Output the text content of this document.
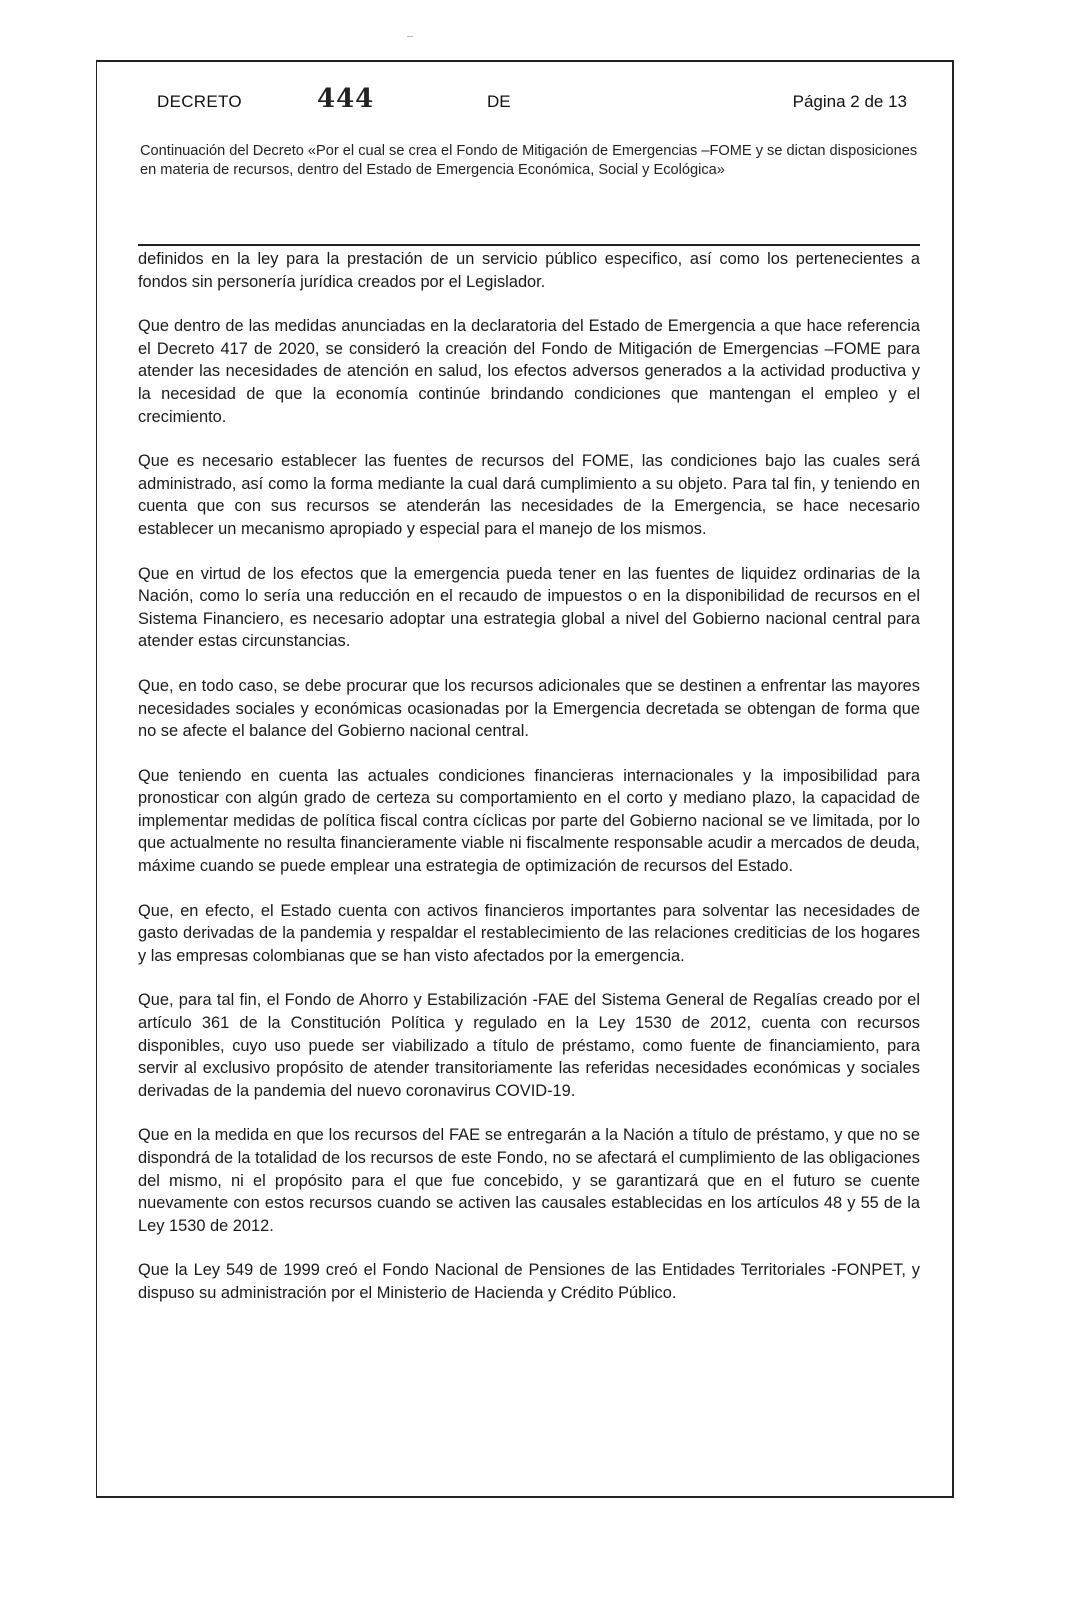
DECRETO	444	DE	Página 2 de 13
Continuación del Decreto «Por el cual se crea el Fondo de Mitigación de Emergencias –FOME y se dictan disposiciones en materia de recursos, dentro del Estado de Emergencia Económica, Social y Ecológica»

definidos en la ley para la prestación de un servicio público especifico, así como los pertenecientes a fondos sin personería jurídica creados por el Legislador.

Que dentro de las medidas anunciadas en la declaratoria del Estado de Emergencia a que hace referencia el Decreto 417 de 2020, se consideró la creación del Fondo de Mitigación de Emergencias –FOME para atender las necesidades de atención en salud, los efectos adversos generados a la actividad productiva y la necesidad de que la economía continúe brindando condiciones que mantengan el empleo y el crecimiento.

Que es necesario establecer las fuentes de recursos del FOME, las condiciones bajo las cuales será administrado, así como la forma mediante la cual dará cumplimiento a su objeto. Para tal fin, y teniendo en cuenta que con sus recursos se atenderán las necesidades de la Emergencia, se hace necesario establecer un mecanismo apropiado y especial para el manejo de los mismos.

Que en virtud de los efectos que la emergencia pueda tener en las fuentes de liquidez ordinarias de la Nación, como lo sería una reducción en el recaudo de impuestos o en la disponibilidad de recursos en el Sistema Financiero, es necesario adoptar una estrategia global a nivel del Gobierno nacional central para atender estas circunstancias.

Que, en todo caso, se debe procurar que los recursos adicionales que se destinen a enfrentar las mayores necesidades sociales y económicas ocasionadas por la Emergencia decretada se obtengan de forma que no se afecte el balance del Gobierno nacional central.

Que teniendo en cuenta las actuales condiciones financieras internacionales y la imposibilidad para pronosticar con algún grado de certeza su comportamiento en el corto y mediano plazo, la capacidad de implementar medidas de política fiscal contra cíclicas por parte del Gobierno nacional se ve limitada, por lo que actualmente no resulta financieramente viable ni fiscalmente responsable acudir a mercados de deuda, máxime cuando se puede emplear una estrategia de optimización de recursos del Estado.

Que, en efecto, el Estado cuenta con activos financieros importantes para solventar las necesidades de gasto derivadas de la pandemia y respaldar el restablecimiento de las relaciones crediticias de los hogares y las empresas colombianas que se han visto afectados por la emergencia.

Que, para tal fin, el Fondo de Ahorro y Estabilización -FAE del Sistema General de Regalías creado por el artículo 361 de la Constitución Política y regulado en la Ley 1530 de 2012, cuenta con recursos disponibles, cuyo uso puede ser viabilizado a título de préstamo, como fuente de financiamiento, para servir al exclusivo propósito de atender transitoriamente las referidas necesidades económicas y sociales derivadas de la pandemia del nuevo coronavirus COVID-19.

Que en la medida en que los recursos del FAE se entregarán a la Nación a título de préstamo, y que no se dispondrá de la totalidad de los recursos de este Fondo, no se afectará el cumplimiento de las obligaciones del mismo, ni el propósito para el que fue concebido, y se garantizará que en el futuro se cuente nuevamente con estos recursos cuando se activen las causales establecidas en los artículos 48 y 55 de la Ley 1530 de 2012.

Que la Ley 549 de 1999 creó el Fondo Nacional de Pensiones de las Entidades Territoriales -FONPET, y dispuso su administración por el Ministerio de Hacienda y Crédito Público.
